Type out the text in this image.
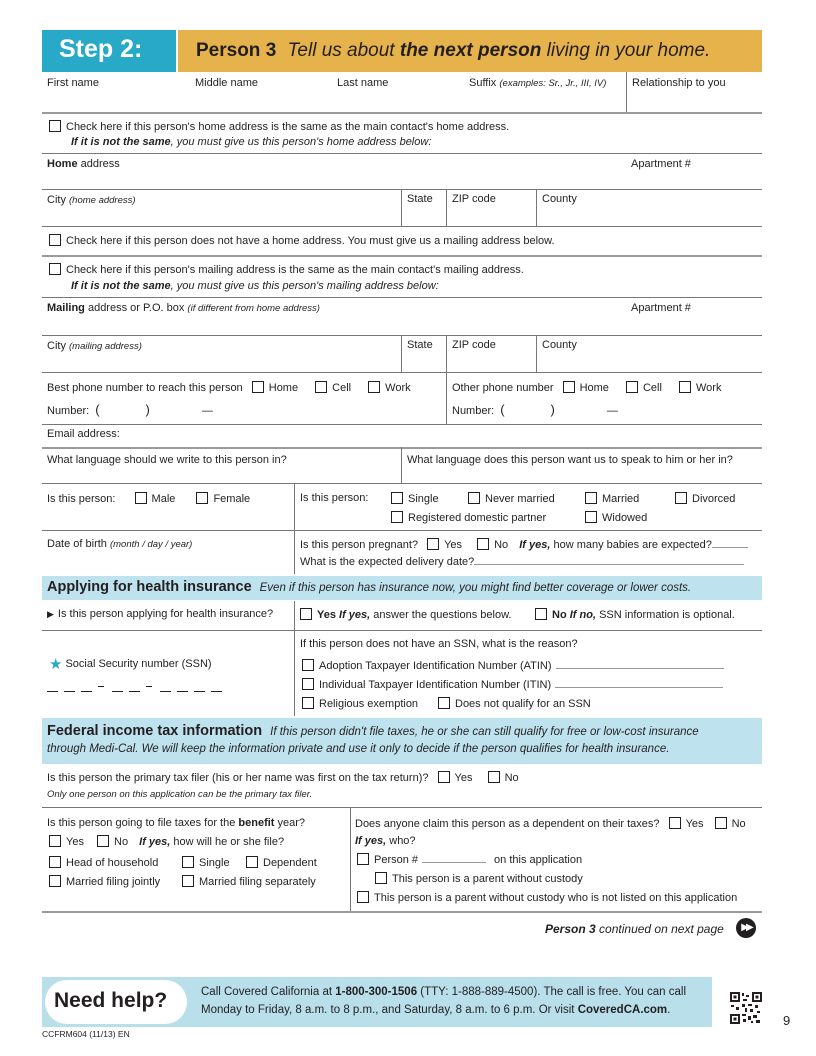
Step 2:	Person 3 Tell us about the next person living in your home.
First name	Middle name	Last name	Suffix (examples: Sr., Jr., III, IV) Relationship to you
Check here if this person's home address is the same as the main contact's home address.
If it is not the same, you must give us this person's home address below:
Home address	Apartment #
City (home address)	State ZIP code	County
Check here if this person does not have a home address. You must give us a mailing address below.
Check here if this person's mailing address is the same as the main contact's mailing address.
If it is not the same, you must give us this person's mailing address below:
Mailing address or P.O. box (if different from home address)	Apartment #
City (mailing address)	State ZIP code	County
Best phone number to reach this person Home	Cell	Work
Number: (	)	—
Other phone number Home	Cell	Work
Number: (	)	—
Email address:
What language should we write to this person in?	What language does this person want us to speak to him or her in?
Is this person:	Male	Female	Is this person:	Single	Never married	Married	Divorced
Registered domestic partner	Widowed
Date of birth (month / day / year)	Is this person pregnant? Yes	No If yes, how many babies are expected?
What is the expected delivery date?
Applying for health insurance Even if this person has insurance now, you might find better coverage or lower costs.
▶ Is this person applying for health insurance?	Yes If yes, answer the questions below.	No If no, SSN information is optional.
★ Social Security number (SSN)
If this person does not have an SSN, what is the reason?
Adoption Taxpayer Identification Number (ATIN)
Individual Taxpayer Identification Number (ITIN)
Religious exemption	Does not qualify for an SSN
Federal income tax information If this person didn't file taxes, he or she can still qualify for free or low-cost insurance
through Medi-Cal. We will keep the information private and use it only to decide if the person qualifies for health insurance.
Is this person the primary tax filer (his or her name was first on the tax return)? Yes	No
Only one person on this application can be the primary tax filer.
Is this person going to file taxes for the benefit year?
Yes	No If yes, how will he or she file?
Head of household	Single	Dependent
Married filing jointly	Married filing separately
Does anyone claim this person as a dependent on their taxes? Yes	No
If yes, who?
Person #	on this application
This person is a parent without custody
This person is a parent without custody who is not listed on this application
Person 3 continued on next page	▶▶
Need help?	Call Covered California at 1-800-300-1506 (TTY: 1-888-889-4500). The call is free. You can call
Monday to Friday, 8 a.m. to 8 p.m., and Saturday, 8 a.m. to 6 p.m. Or visit CoveredCA.com.
CCFRM604 (11/13) EN
9
